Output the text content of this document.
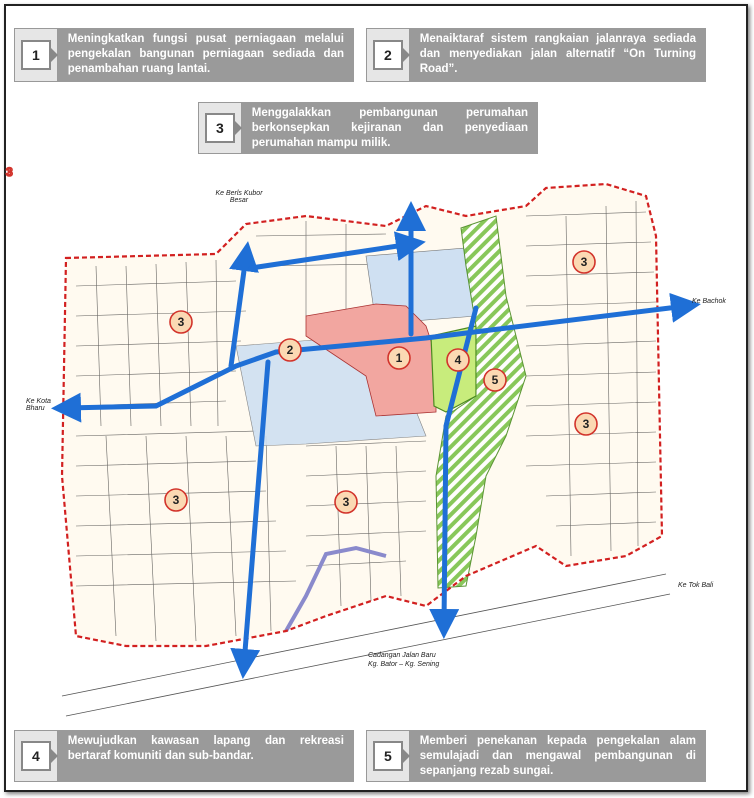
1
Meningkatkan fungsi pusat perniagaan melalui pengekalan bangunan perniagaan sediada dan penambahan ruang lantai.
2
Menaiktaraf sistem rangkaian jalanraya sediada dan menyediakan jalan alternatif “On Turning Road”.
3
Menggalakkan pembangunan perumahan berkonsepkan kejiranan dan penyediaan perumahan mampu milik.
1
2
3
3
3
3	3
3
4
5
Ke Berls Kubor Besar
Ke Bachok
Ke Kota Bharu
Ke Tok Bali
Cadangan Jalan Baru
Kg. Bator – Kg. Sening
4
Mewujudkan kawasan lapang dan rekreasi bertaraf komuniti dan sub-bandar.	5
Memberi penekanan kepada pengekalan alam semulajadi dan mengawal pembangunan di sepanjang rezab sungai.
